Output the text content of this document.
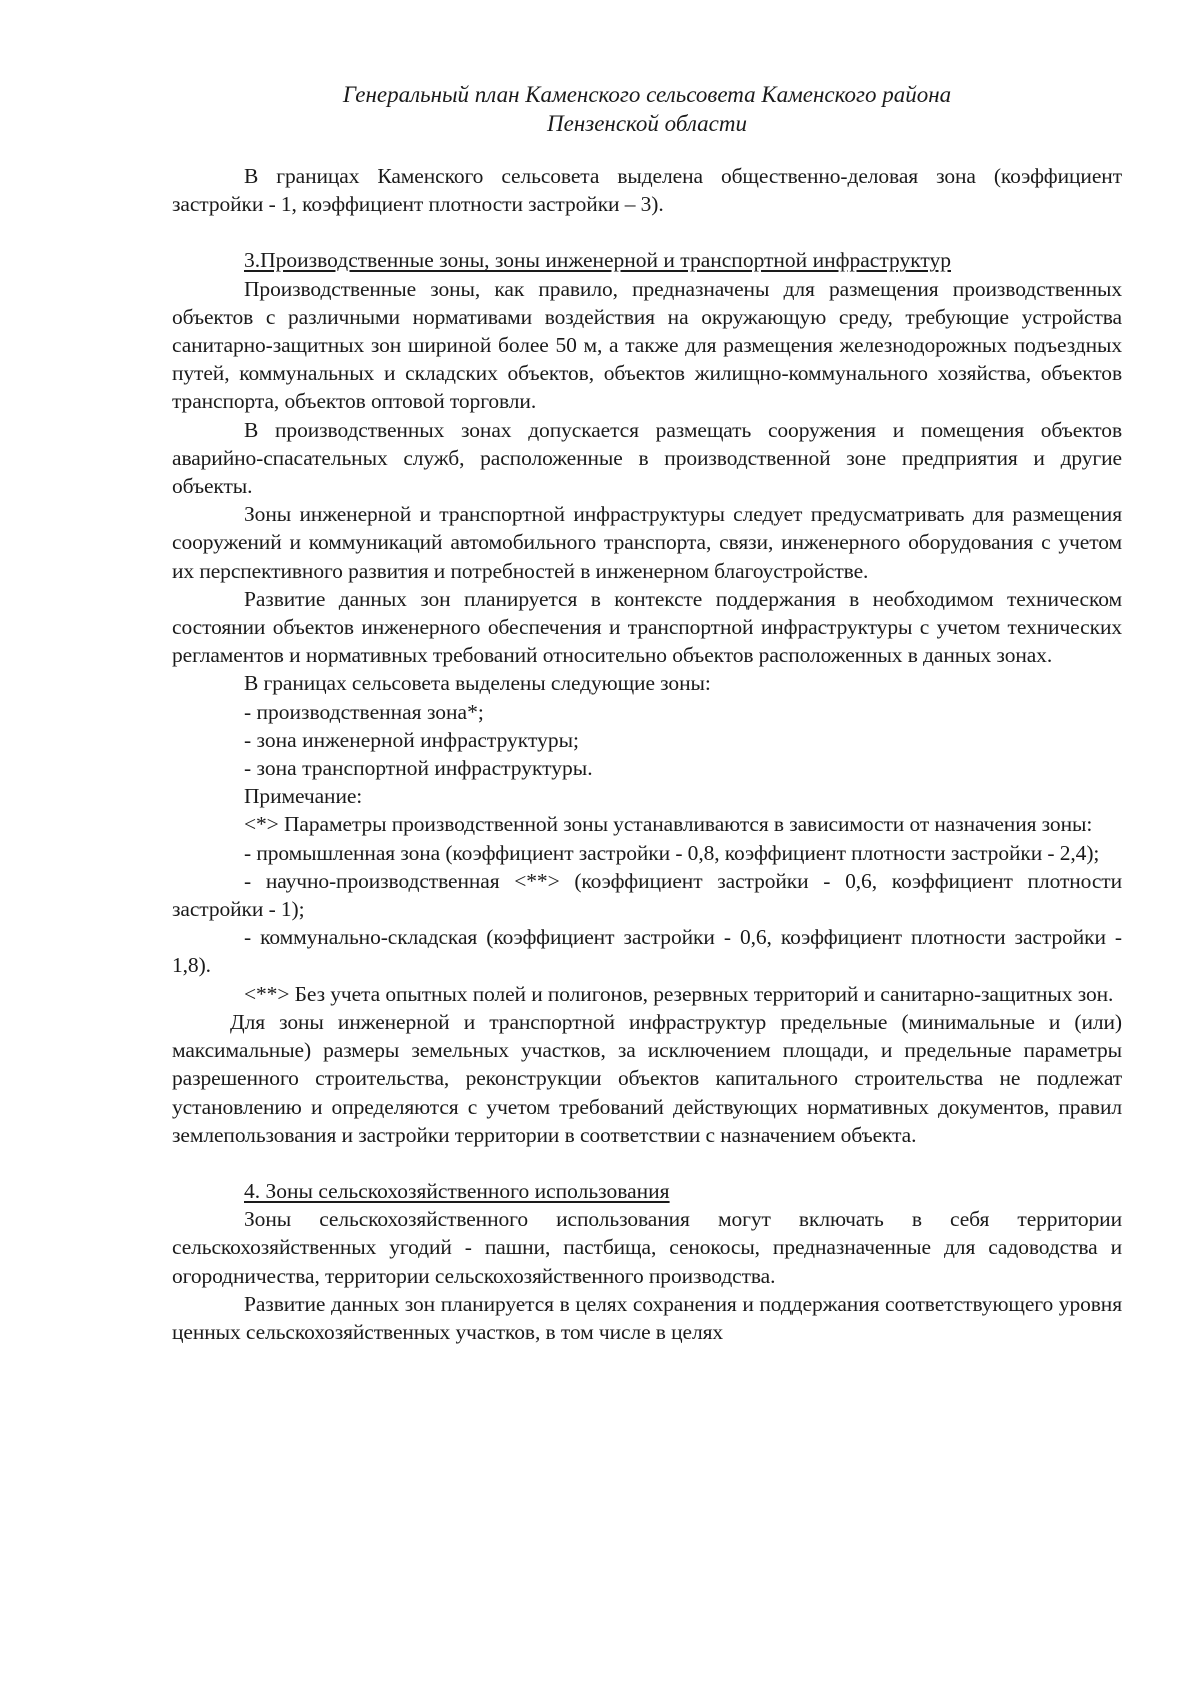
Генеральный план Каменского сельсовета Каменского района
Пензенской области

В границах Каменского сельсовета выделена общественно-деловая зона (коэффициент застройки - 1, коэффициент плотности застройки – 3).

3.Производственные зоны, зоны инженерной и транспортной инфраструктур

Производственные зоны, как правило, предназначены для размещения производственных объектов с различными нормативами воздействия на окружающую среду, требующие устройства санитарно-защитных зон шириной более 50 м, а также для размещения железнодорожных подъездных путей, коммунальных и складских объектов, объектов жилищно-коммунального хозяйства, объектов транспорта, объектов оптовой торговли.

В производственных зонах допускается размещать сооружения и помещения объектов аварийно-спасательных служб, расположенные в производственной зоне предприятия и другие объекты.

Зоны инженерной и транспортной инфраструктуры следует предусматривать для размещения сооружений и коммуникаций автомобильного транспорта, связи, инженерного оборудования с учетом их перспективного развития и потребностей в инженерном благоустройстве.

Развитие данных зон планируется в контексте поддержания в необходимом техническом состоянии объектов инженерного обеспечения и транспортной инфраструктуры с учетом технических регламентов и нормативных требований относительно объектов расположенных в данных зонах.

В границах сельсовета выделены следующие зоны:

- производственная зона*;
- зона инженерной инфраструктуры;
- зона транспортной инфраструктуры.

Примечание:

<*> Параметры производственной зоны устанавливаются в зависимости от назначения зоны:

- промышленная зона (коэффициент застройки - 0,8, коэффициент плотности застройки - 2,4);

- научно-производственная <**> (коэффициент застройки - 0,6, коэффициент плотности застройки - 1);

- коммунально-складская (коэффициент застройки - 0,6, коэффициент плотности застройки - 1,8).

<**> Без учета опытных полей и полигонов, резервных территорий и санитарно-защитных зон.

Для зоны инженерной и транспортной инфраструктур предельные (минимальные и (или) максимальные) размеры земельных участков, за исключением площади, и предельные параметры разрешенного строительства, реконструкции объектов капитального строительства не подлежат установлению и определяются с учетом требований действующих нормативных документов, правил землепользования и застройки территории в соответствии с назначением объекта.

4. Зоны сельскохозяйственного использования

Зоны сельскохозяйственного использования могут включать в себя территории сельскохозяйственных угодий - пашни, пастбища, сенокосы, предназначенные для садоводства и огородничества, территории сельскохозяйственного производства.

Развитие данных зон планируется в целях сохранения и поддержания соответствующего уровня ценных сельскохозяйственных участков, в том числе в целях
